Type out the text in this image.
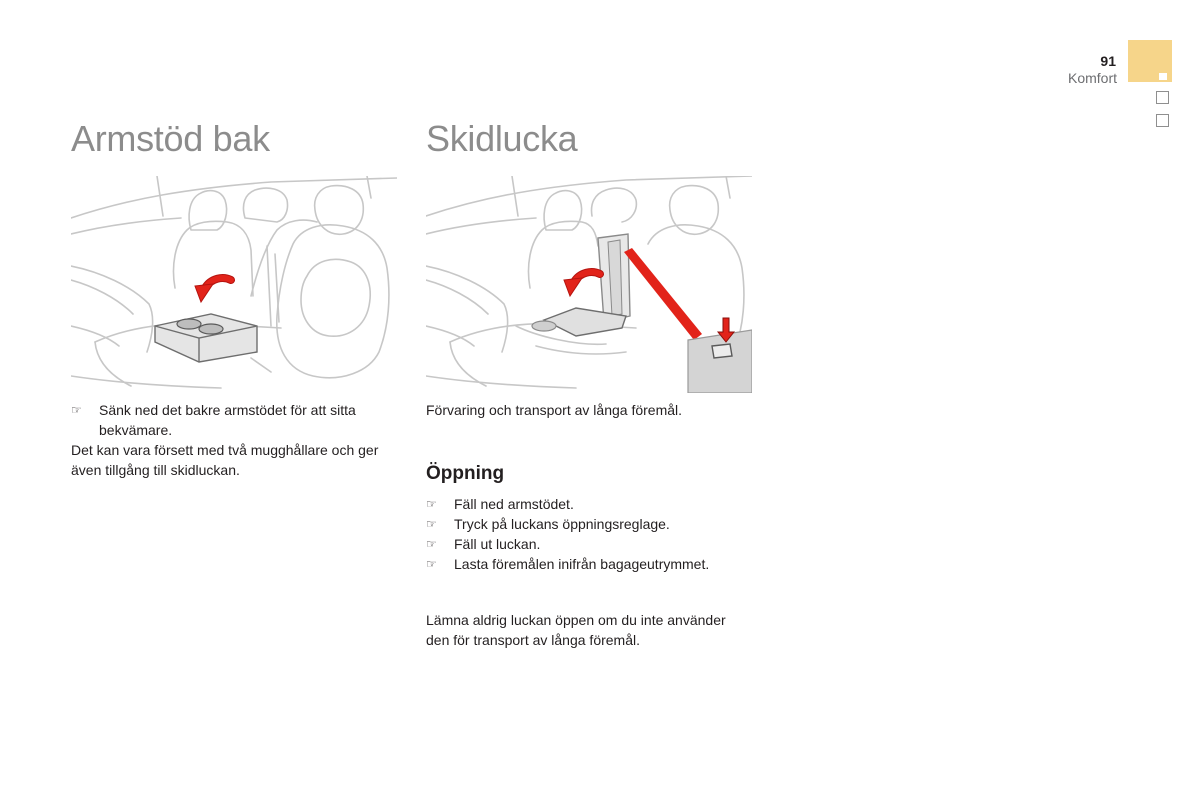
91
Komfort
Armstöd bak
☞ Sänk ned det bakre armstödet för att sitta bekvämare.
Det kan vara försett med två mugghållare och ger även tillgång till skidluckan.
Skidlucka
Förvaring och transport av långa föremål.
Öppning
☞ Fäll ned armstödet.
☞ Tryck på luckans öppningsreglage.
☞ Fäll ut luckan.
☞ Lasta föremålen inifrån bagageutrymmet.
Lämna aldrig luckan öppen om du inte använder den för transport av långa föremål.
